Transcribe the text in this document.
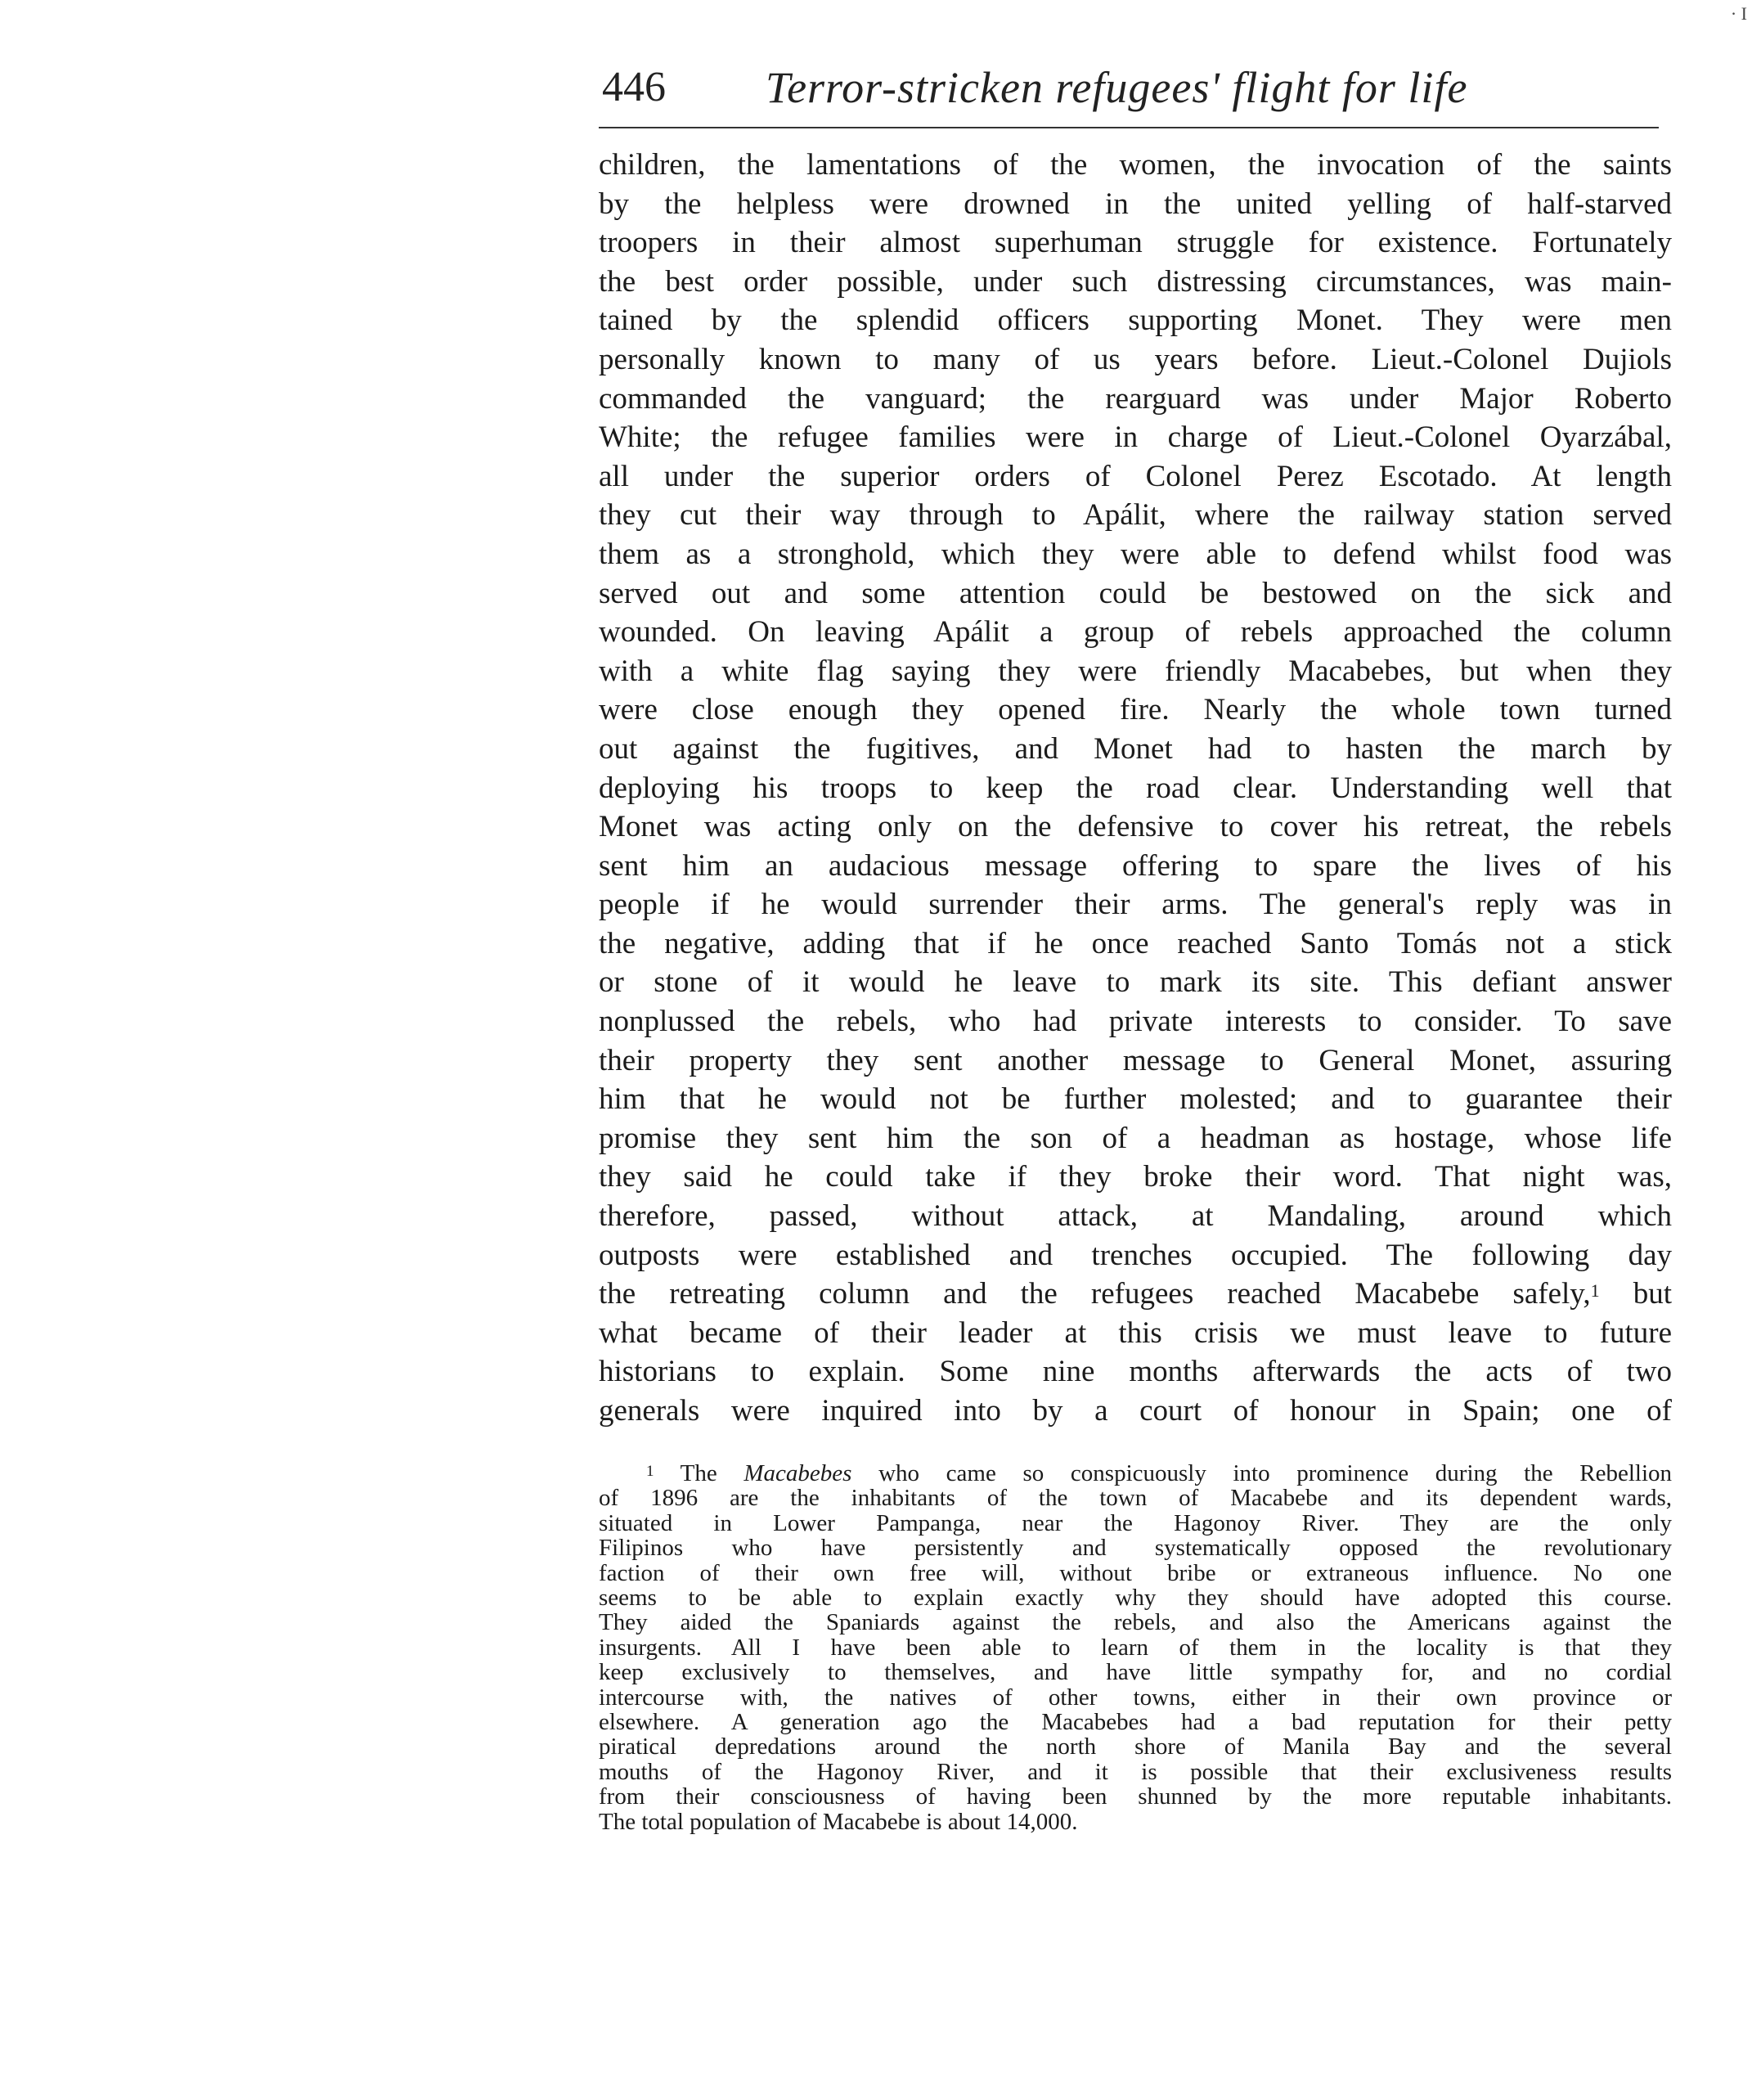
· I
446 Terror-stricken refugees' flight for life
children, the lamentations of the women, the invocation of the saints
by the helpless were drowned in the united yelling of half-starved
troopers in their almost superhuman struggle for existence. Fortunately
the best order possible, under such distressing circumstances, was main-
tained by the splendid officers supporting Monet. They were men
personally known to many of us years before. Lieut.-Colonel Dujiols
commanded the vanguard; the rearguard was under Major Roberto
White; the refugee families were in charge of Lieut.-Colonel Oyarzábal,
all under the superior orders of Colonel Perez Escotado. At length
they cut their way through to Apálit, where the railway station served
them as a stronghold, which they were able to defend whilst food was
served out and some attention could be bestowed on the sick and
wounded. On leaving Apálit a group of rebels approached the column
with a white flag saying they were friendly Macabebes, but when they
were close enough they opened fire. Nearly the whole town turned
out against the fugitives, and Monet had to hasten the march by
deploying his troops to keep the road clear. Understanding well that
Monet was acting only on the defensive to cover his retreat, the rebels
sent him an audacious message offering to spare the lives of his
people if he would surrender their arms. The general's reply was in
the negative, adding that if he once reached Santo Tomás not a stick
or stone of it would he leave to mark its site. This defiant answer
nonplussed the rebels, who had private interests to consider. To save
their property they sent another message to General Monet, assuring
him that he would not be further molested; and to guarantee their
promise they sent him the son of a headman as hostage, whose life
they said he could take if they broke their word. That night was,
therefore, passed, without attack, at Mandaling, around which
outposts were established and trenches occupied. The following day
the retreating column and the refugees reached Macabebe safely,$^1$ but
what became of their leader at this crisis we must leave to future
historians to explain. Some nine months afterwards the acts of two
generals were inquired into by a court of honour in Spain; one of
$^1$ The Macabebes who came so conspicuously into prominence during the Rebellion
of 1896 are the inhabitants of the town of Macabebe and its dependent wards,
situated in Lower Pampanga, near the Hagonoy River. They are the only
Filipinos who have persistently and systematically opposed the revolutionary
faction of their own free will, without bribe or extraneous influence. No one
seems to be able to explain exactly why they should have adopted this course.
They aided the Spaniards against the rebels, and also the Americans against the
insurgents. All I have been able to learn of them in the locality is that they
keep exclusively to themselves, and have little sympathy for, and no cordial
intercourse with, the natives of other towns, either in their own province or
elsewhere. A generation ago the Macabebes had a bad reputation for their petty
piratical depredations around the north shore of Manila Bay and the several
mouths of the Hagonoy River, and it is possible that their exclusiveness results
from their consciousness of having been shunned by the more reputable inhabitants.
The total population of Macabebe is about 14,000.
